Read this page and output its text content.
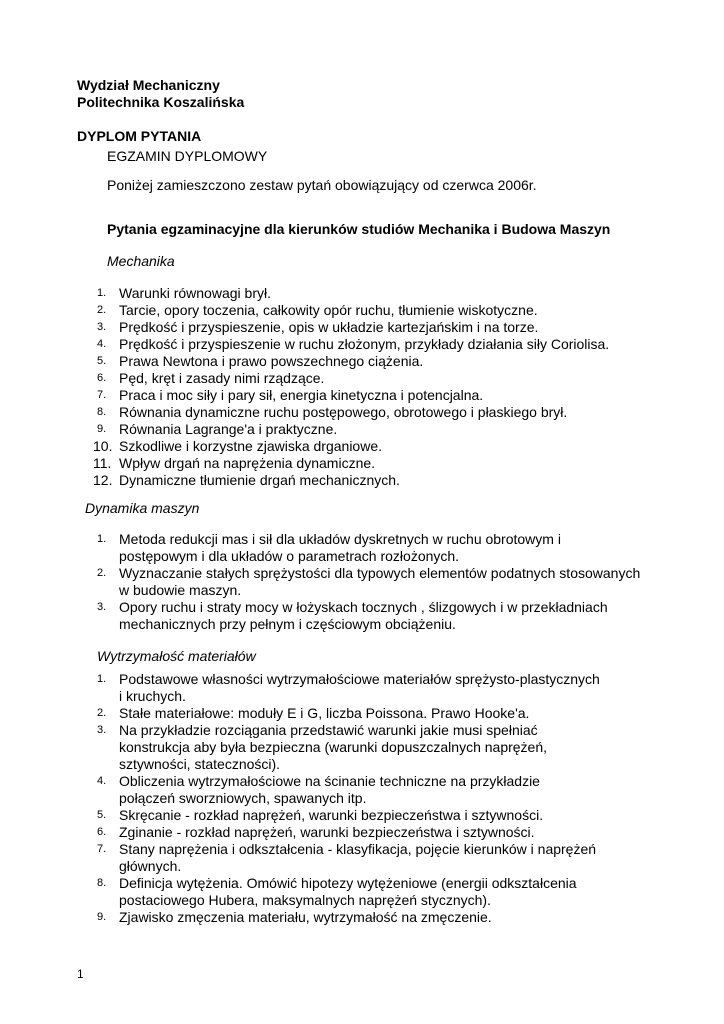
Wydział Mechaniczny
Politechnika Koszalińska
DYPLOM PYTANIA
EGZAMIN DYPLOMOWY
Poniżej zamieszczono zestaw pytań obowiązujący od czerwca 2006r.
Pytania egzaminacyjne dla kierunków studiów Mechanika i Budowa Maszyn
Mechanika
1. Warunki równowagi brył.
2. Tarcie, opory toczenia, całkowity opór ruchu, tłumienie wiskotyczne.
3. Prędkość i przyspieszenie, opis w układzie kartezjańskim i na torze.
4. Prędkość i przyspieszenie w ruchu złożonym, przykłady działania siły Coriolisa.
5. Prawa Newtona i prawo powszechnego ciążenia.
6. Pęd, kręt i zasady nimi rządzące.
7. Praca i moc siły i pary sił, energia kinetyczna i potencjalna.
8. Równania dynamiczne ruchu postępowego, obrotowego i płaskiego brył.
9. Równania Lagrange'a i praktyczne.
10. Szkodliwe i korzystne zjawiska drganiowe.
11. Wpływ drgań na naprężenia dynamiczne.
12. Dynamiczne tłumienie drgań mechanicznych.
Dynamika maszyn
1. Metoda redukcji mas i sił dla układów dyskretnych w ruchu obrotowym i
postępowym i dla układów o parametrach rozłożonych.
2. Wyznaczanie stałych sprężystości dla typowych elementów podatnych stosowanych
w budowie maszyn.
3. Opory ruchu i straty mocy w łożyskach tocznych , ślizgowych i w przekładniach
mechanicznych przy pełnym i częściowym obciążeniu.
Wytrzymałość materiałów
1. Podstawowe własności wytrzymałościowe materiałów sprężysto-plastycznych
i kruchych.
2. Stałe materiałowe: moduły E i G, liczba Poissona. Prawo Hooke'a.
3. Na przykładzie rozciągania przedstawić warunki jakie musi spełniać
konstrukcja aby była bezpieczna (warunki dopuszczalnych naprężeń,
sztywności, stateczności).
4. Obliczenia wytrzymałościowe na ścinanie techniczne na przykładzie
połączeń sworzniowych, spawanych itp.
5. Skręcanie - rozkład naprężeń, warunki bezpieczeństwa i sztywności.
6. Zginanie - rozkład naprężeń, warunki bezpieczeństwa i sztywności.
7. Stany naprężenia i odkształcenia - klasyfikacja, pojęcie kierunków i naprężeń
głównych.
8. Definicja wytężenia. Omówić hipotezy wytężeniowe (energii odkształcenia
postaciowego Hubera, maksymalnych naprężeń stycznych).
9. Zjawisko zmęczenia materiału, wytrzymałość na zmęczenie.
1
